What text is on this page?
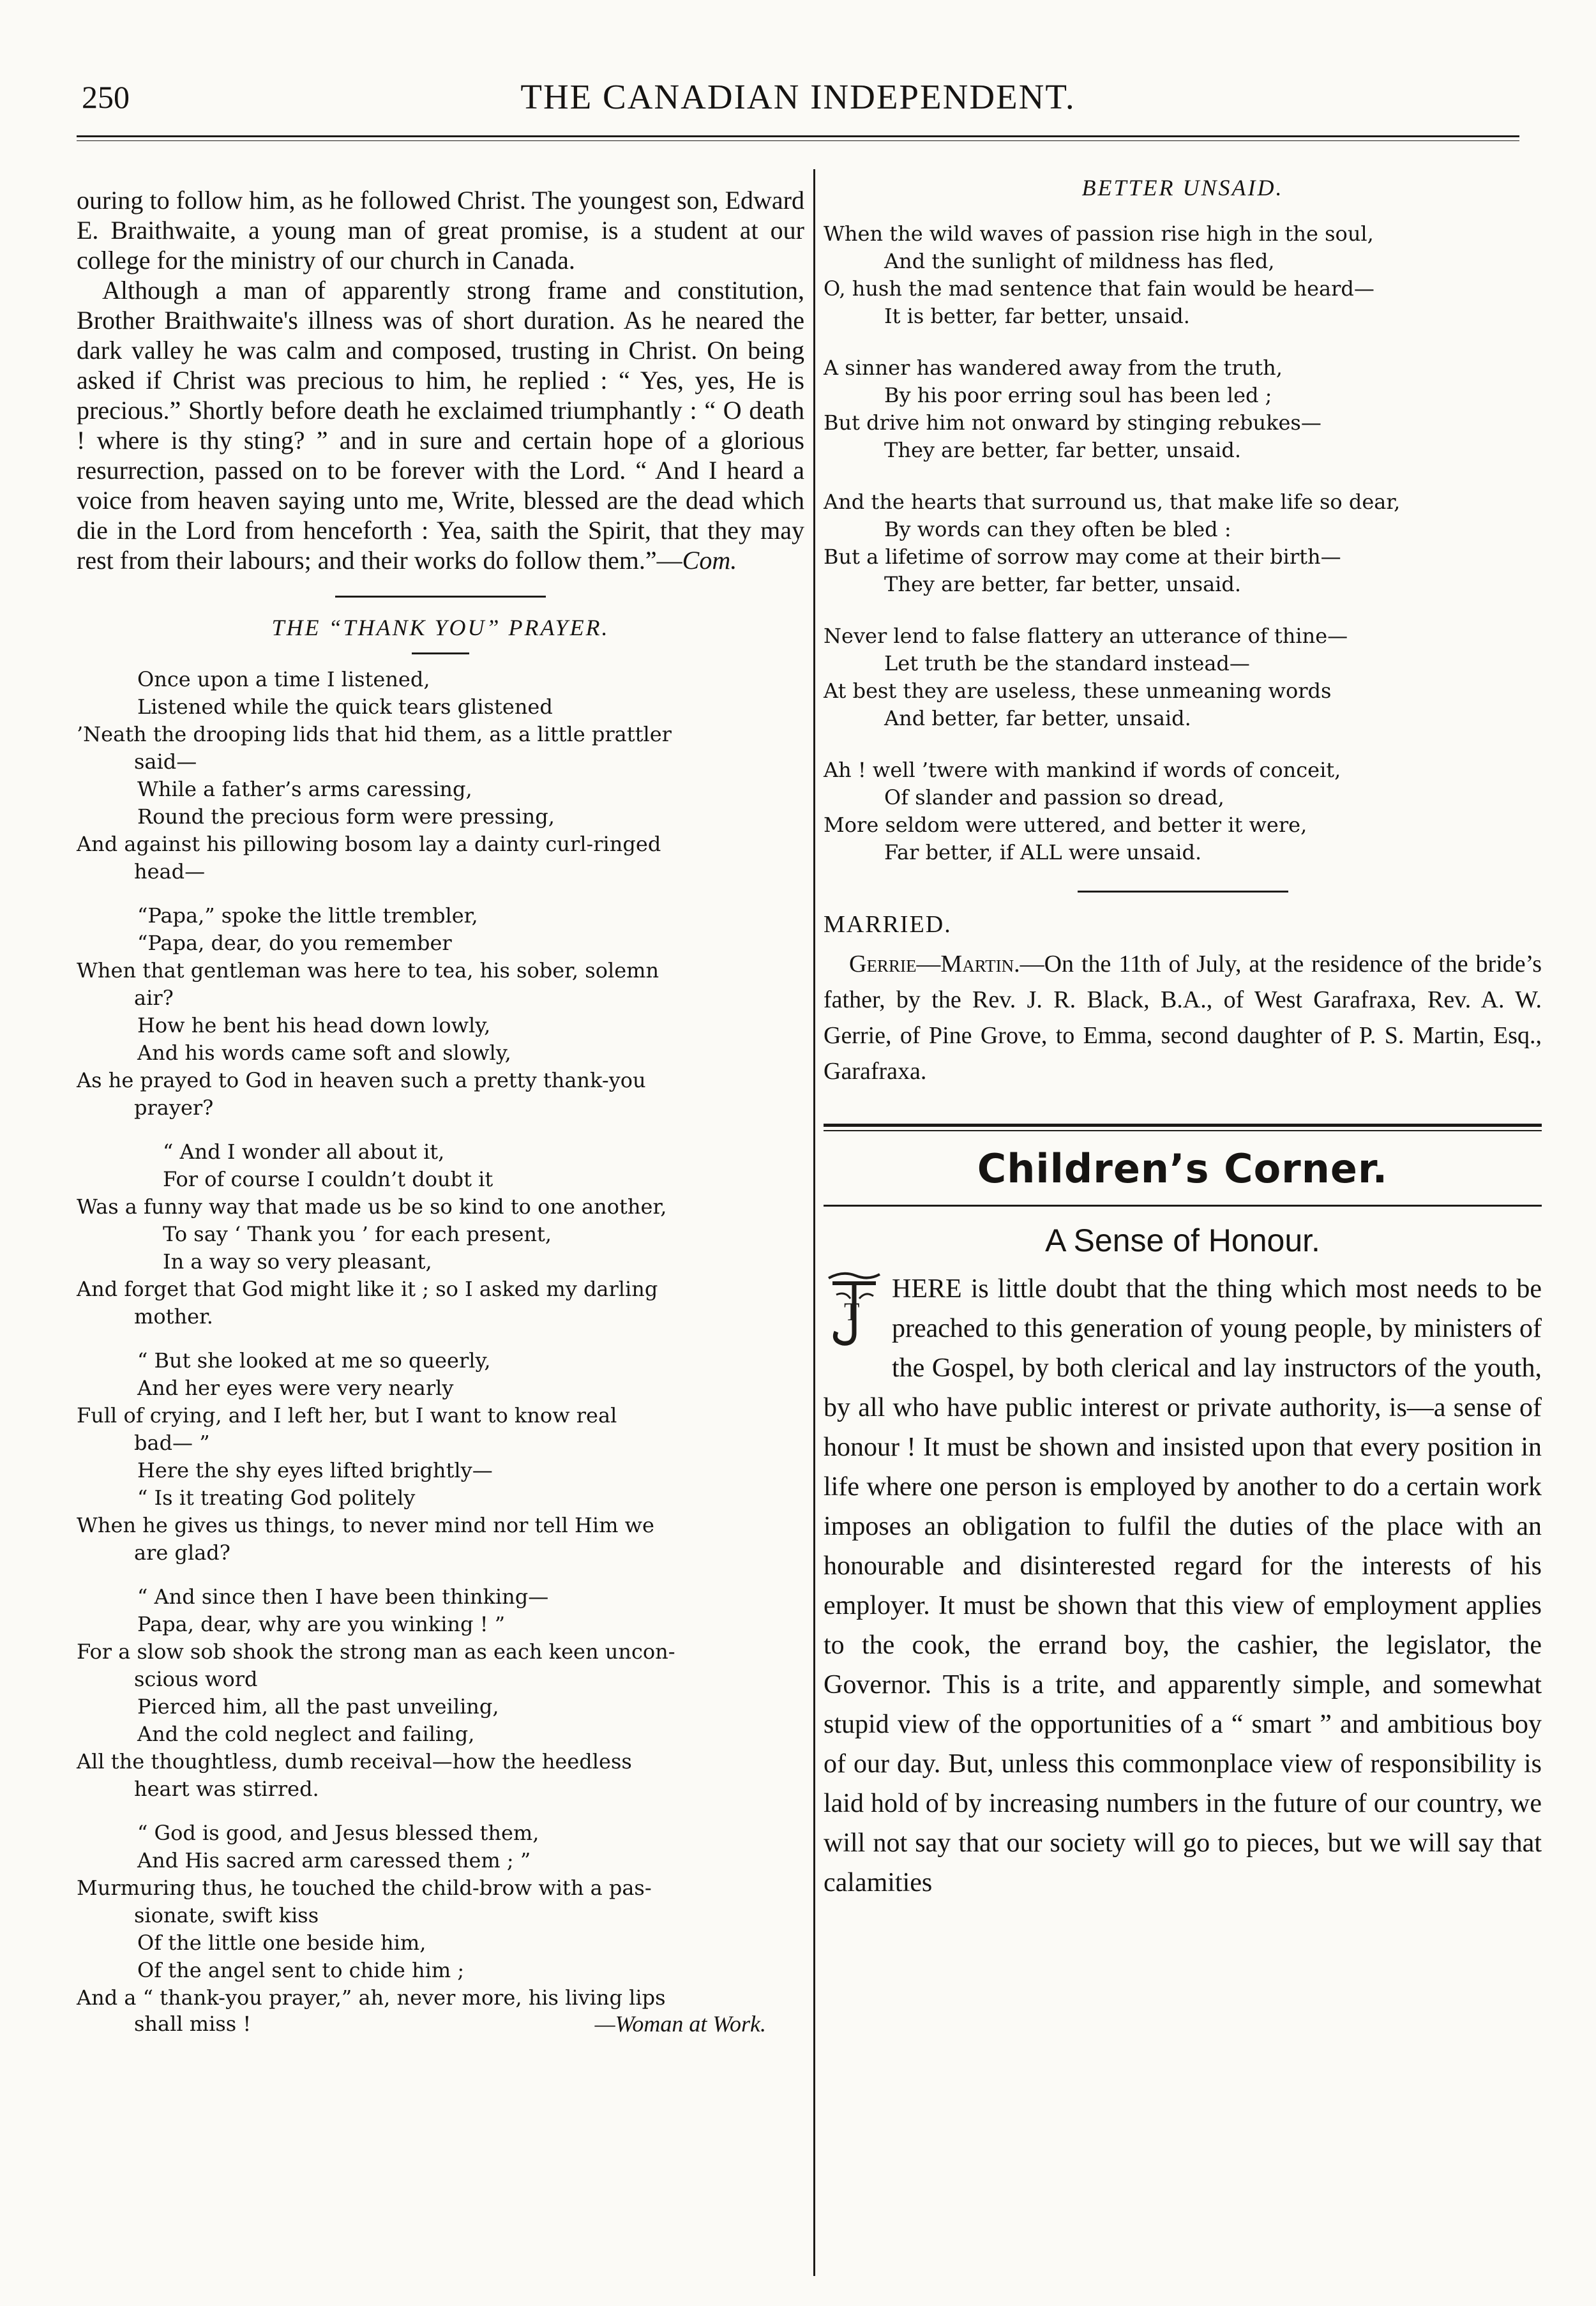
250	THE CANADIAN INDEPENDENT.

ouring to follow him, as he followed Christ. The youngest son, Edward E. Braithwaite, a young man of great promise, is a student at our college for the ministry of our church in Canada.

Although a man of apparently strong frame and constitution, Brother Braithwaite's illness was of short duration. As he neared the dark valley he was calm and composed, trusting in Christ. On being asked if Christ was precious to him, he replied : “ Yes, yes, He is precious.” Shortly before death he exclaimed triumphantly : “ O death ! where is thy sting? ” and in sure and certain hope of a glorious resurrection, passed on to be forever with the Lord. “ And I heard a voice from heaven saying unto me, Write, blessed are the dead which die in the Lord from henceforth : Yea, saith the Spirit, that they may rest from their labours; and their works do follow them.”—Com.

THE “THANK YOU” PRAYER.

Once upon a time I listened,

Listened while the quick tears glistened

’Neath the drooping lids that hid them, as a little prattler

said—

While a father’s arms caressing,

Round the precious form were pressing,

And against his pillowing bosom lay a dainty curl-ringed

head—

“Papa,” spoke the little trembler,

“Papa, dear, do you remember

When that gentleman was here to tea, his sober, solemn

air?

How he bent his head down lowly,

And his words came soft and slowly,

As he prayed to God in heaven such a pretty thank-you

prayer?

“ And I wonder all about it,

For of course I couldn’t doubt it

Was a funny way that made us be so kind to one another,

To say ‘ Thank you ’ for each present,

In a way so very pleasant,

And forget that God might like it ; so I asked my darling

mother.

“ But she looked at me so queerly,

And her eyes were very nearly

Full of crying, and I left her, but I want to know real

bad— ”

Here the shy eyes lifted brightly—

“ Is it treating God politely

When he gives us things, to never mind nor tell Him we

are glad?

“ And since then I have been thinking—

Papa, dear, why are you winking ! ”

For a slow sob shook the strong man as each keen uncon-

scious word

Pierced him, all the past unveiling,

And the cold neglect and failing,

All the thoughtless, dumb receival—how the heedless

heart was stirred.

“ God is good, and Jesus blessed them,

And His sacred arm caressed them ; ”

Murmuring thus, he touched the child-brow with a pas-

sionate, swift kiss

Of the little one beside him,

Of the angel sent to chide him ;

And a “ thank-you prayer,” ah, never more, his living lips

shall miss !	—Woman at Work.

BETTER UNSAID.

When the wild waves of passion rise high in the soul,

And the sunlight of mildness has fled,

O, hush the mad sentence that fain would be heard—

It is better, far better, unsaid.

A sinner has wandered away from the truth,

By his poor erring soul has been led ;

But drive him not onward by stinging rebukes—

They are better, far better, unsaid.

And the hearts that surround us, that make life so dear,

By words can they often be bled :

But a lifetime of sorrow may come at their birth—

They are better, far better, unsaid.

Never lend to false flattery an utterance of thine—

Let truth be the standard instead—

At best they are useless, these unmeaning words

And better, far better, unsaid.

Ah ! well ’twere with mankind if words of conceit,

Of slander and passion so dread,

More seldom were uttered, and better it were,

Far better, if ALL were unsaid.

MARRIED.

Gerrie—Martin.—On the 11th of July, at the residence of the bride’s father, by the Rev. J. R. Black, B.A., of West Garafraxa, Rev. A. W. Gerrie, of Pine Grove, to Emma, second daughter of P. S. Martin, Esq., Garafraxa.

Children’s Corner.

A Sense of Honour.

T
HERE is little doubt that the thing which most needs to be preached to this generation of young people, by ministers of the Gospel, by both clerical and lay instructors of the youth, by all who have public interest or private authority, is—a sense of honour ! It must be shown and insisted upon that every position in life where one person is employed by another to do a certain work imposes an obligation to fulfil the duties of the place with an honourable and disinterested regard for the interests of his employer. It must be shown that this view of employment applies to the cook, the errand boy, the cashier, the legislator, the Governor. This is a trite, and apparently simple, and somewhat stupid view of the opportunities of a “ smart ” and ambitious boy of our day. But, unless this commonplace view of responsibility is laid hold of by increasing numbers in the future of our country, we will not say that our society will go to pieces, but we will say that calamities
